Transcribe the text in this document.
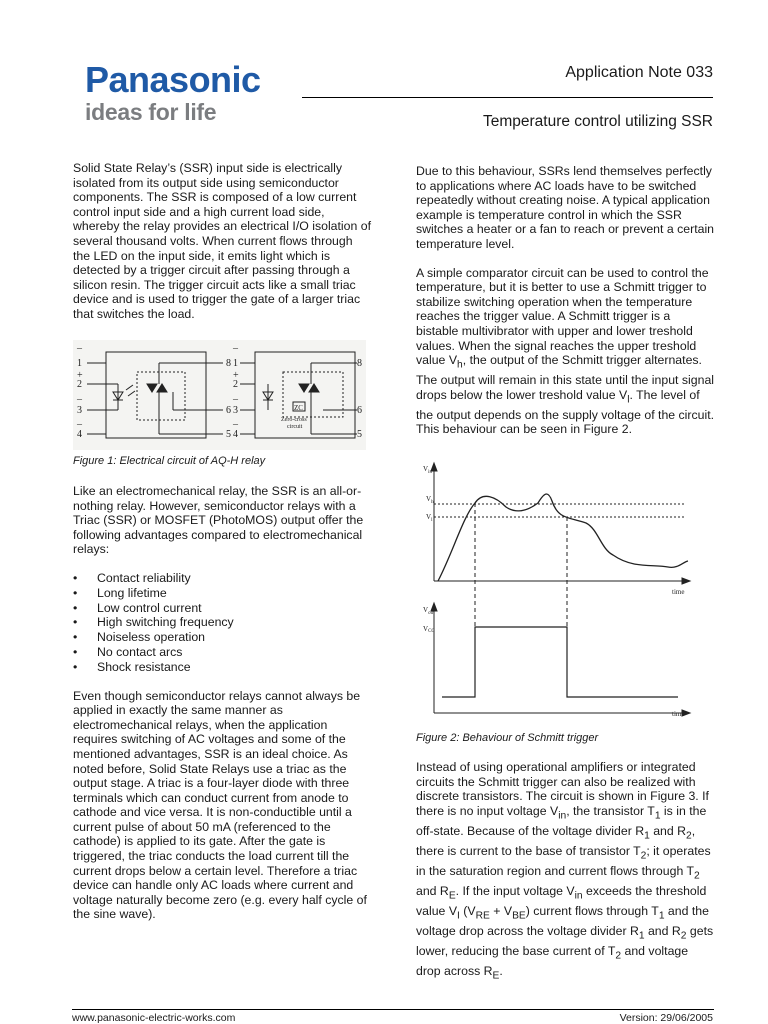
Panasonic
ideas for life
Application Note 033
Temperature control utilizing SSR

Solid State Relay’s (SSR) input side is electrically isolated from its output side using semiconductor components. The SSR is composed of a low current control input side and a high current load side, whereby the relay provides an electrical I/O isolation of several thousand volts. When current flows through the LED on the input side, it emits light which is detected by a trigger circuit after passing through a silicon resin. The trigger circuit acts like a small triac device and is used to trigger the gate of a larger triac that switches the load.

–
1
+
2
–
3
–
4
8
6
5
–
1
+
2
–
3
–
4
8
6
5
ZC
Zero-cross
circuit
Figure 1: Electrical circuit of AQ-H relay

Like an electromechanical relay, the SSR is an all-or-nothing relay. However, semiconductor relays with a Triac (SSR) or MOSFET (PhotoMOS) output offer the following advantages compared to electromechanical relays:

• Contact reliability
• Long lifetime
• Low control current
• High switching frequency
• Noiseless operation
• No contact arcs
• Shock resistance

Even though semiconductor relays cannot always be applied in exactly the same manner as electromechanical relays, when the application requires switching of AC voltages and some of the mentioned advantages, SSR is an ideal choice. As noted before, Solid State Relays use a triac as the output stage. A triac is a four-layer diode with three terminals which can conduct current from anode to cathode and vice versa. It is non-conductible until a current pulse of about 50 mA (referenced to the cathode) is applied to its gate. After the gate is triggered, the triac conducts the load current till the current drops below a certain level. Therefore a triac device can handle only AC loads where current and voltage naturally become zero (e.g. every half cycle of the sine wave).

Due to this behaviour, SSRs lend themselves perfectly to applications where AC loads have to be switched repeatedly without creating noise. A typical application example is temperature control in which the SSR switches a heater or a fan to reach or prevent a certain temperature level.

A simple comparator circuit can be used to control the temperature, but it is better to use a Schmitt trigger to stabilize switching operation when the temperature reaches the trigger value. A Schmitt trigger is a bistable multivibrator with upper and lower treshold values. When the signal reaches the upper treshold value $V_h$, the output of the Schmitt trigger alternates. The output will remain in this state until the input signal drops below the lower treshold value $V_l$. The level of the output depends on the supply voltage of the circuit. This behaviour can be seen in Figure 2.

$V_{in}$
$V_h$
$V_l$
time
$V_{out}$
VCC
time
Figure 2: Behaviour of Schmitt trigger

Instead of using operational amplifiers or integrated circuits the Schmitt trigger can also be realized with discrete transistors. The circuit is shown in Figure 3. If there is no input voltage $V_{in}$, the transistor $T_1$ is in the off-state. Because of the voltage divider $R_1$ and $R_2$, there is current to the base of transistor $T_2$; it operates in the saturation region and current flows through $T_2$ and $R_E$. If the input voltage $V_{in}$ exceeds the threshold value $V_I$ $(V_{RE} + V_{BE})$ current flows through $T_1$ and the voltage drop across the voltage divider $R_1$ and $R_2$ gets lower, reducing the base current of $T_2$ and voltage drop across $R_E$.

www.panasonic-electric-works.com	Version: 29/06/2005
